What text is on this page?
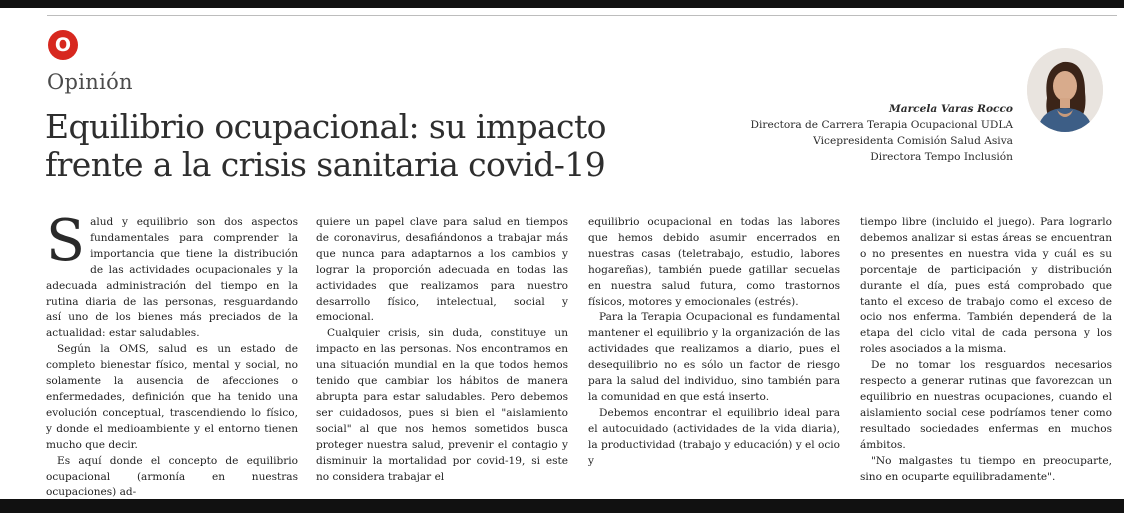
O
Opinión
Equilibrio ocupacional: su impacto frente a la crisis sanitaria covid-19
Marcela Varas Rocco
Directora de Carrera Terapia Ocupacional UDLA
Vicepresidenta Comisión Salud Asiva
Directora Tempo Inclusión

Salud y equilibrio son dos aspectos fundamentales para comprender la importancia que tiene la distribución de las actividades ocupacionales y la adecuada administración del tiempo en la rutina diaria de las personas, resguardando así uno de los bienes más preciados de la actualidad: estar saludables.

Según la OMS, salud es un estado de completo bienestar físico, mental y social, no solamente la ausencia de afecciones o enfermedades, definición que ha tenido una evolución conceptual, trascendiendo lo físico, y donde el medioambiente y el entorno tienen mucho que decir.

Es aquí donde el concepto de equilibrio ocupacional (armonía en nuestras ocupaciones) ad-

quiere un papel clave para salud en tiempos de coronavirus, desafiándonos a trabajar más que nunca para adaptarnos a los cambios y lograr la proporción adecuada en todas las actividades que realizamos para nuestro desarrollo físico, intelectual, social y emocional.

Cualquier crisis, sin duda, constituye un impacto en las personas. Nos encontramos en una situación mundial en la que todos hemos tenido que cambiar los hábitos de manera abrupta para estar saludables. Pero debemos ser cuidadosos, pues si bien el "aislamiento social" al que nos hemos sometidos busca proteger nuestra salud, prevenir el contagio y disminuir la mortalidad por covid-19, si este no considera trabajar el

equilibrio ocupacional en todas las labores que hemos debido asumir encerrados en nuestras casas (teletrabajo, estudio, labores hogareñas), también puede gatillar secuelas en nuestra salud futura, como trastornos físicos, motores y emocionales (estrés).

Para la Terapia Ocupacional es fundamental mantener el equilibrio y la organización de las actividades que realizamos a diario, pues el desequilibrio no es sólo un factor de riesgo para la salud del individuo, sino también para la comunidad en que está inserto.

Debemos encontrar el equilibrio ideal para el autocuidado (actividades de la vida diaria), la productividad (trabajo y educación) y el ocio y

tiempo libre (incluido el juego). Para lograrlo debemos analizar si estas áreas se encuentran o no presentes en nuestra vida y cuál es su porcentaje de participación y distribución durante el día, pues está comprobado que tanto el exceso de trabajo como el exceso de ocio nos enferma. También dependerá de la etapa del ciclo vital de cada persona y los roles asociados a la misma.

De no tomar los resguardos necesarios respecto a generar rutinas que favorezcan un equilibrio en nuestras ocupaciones, cuando el aislamiento social cese podríamos tener como resultado sociedades enfermas en muchos ámbitos.

"No malgastes tu tiempo en preocuparte, sino en ocuparte equilibradamente".
